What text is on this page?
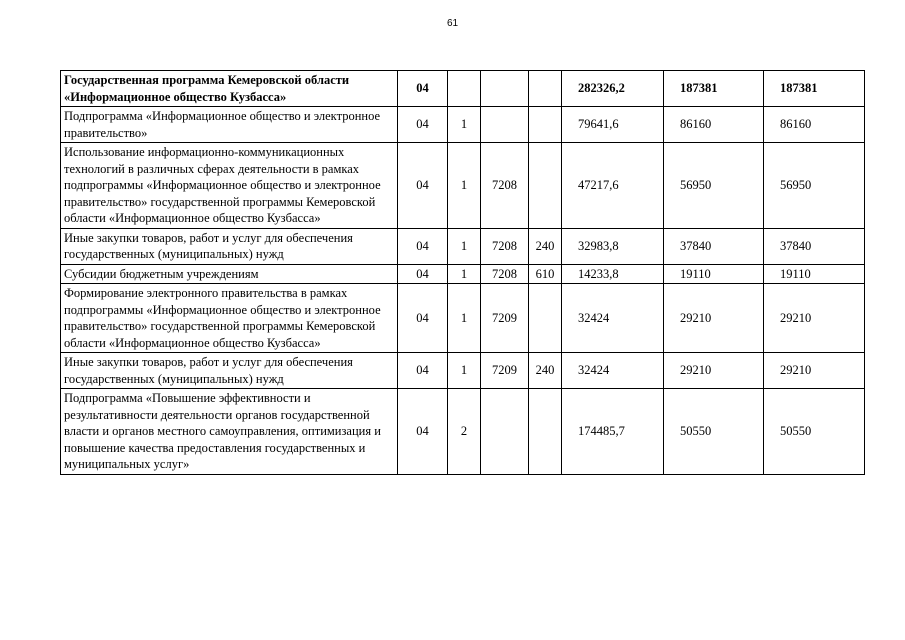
61
Государственная программа Кемеровской области «Информационное общество Кузбасса»	04				282326,2	187381	187381
Подпрограмма «Информационное общество и электронное правительство»	04	1			79641,6	86160	86160
Использование информационно-коммуникационных технологий в различных сферах деятельности в рамках подпрограммы «Информационное общество и электронное правительство» государственной программы Кемеровской области «Информационное общество Кузбасса»	04	1	7208		47217,6	56950	56950
Иные закупки товаров, работ и услуг для обеспечения государственных (муниципальных) нужд	04	1	7208	240	32983,8	37840	37840
Субсидии бюджетным учреждениям	04	1	7208	610	14233,8	19110	19110
Формирование электронного правительства в рамках подпрограммы «Информационное общество и электронное правительство» государственной программы Кемеровской области «Информационное общество Кузбасса»	04	1	7209		32424	29210	29210
Иные закупки товаров, работ и услуг для обеспечения государственных (муниципальных) нужд	04	1	7209	240	32424	29210	29210
Подпрограмма «Повышение эффективности и результативности деятельности органов государственной власти и органов местного самоуправления, оптимизация и повышение качества предоставления государственных и муниципальных услуг»	04	2			174485,7	50550	50550
